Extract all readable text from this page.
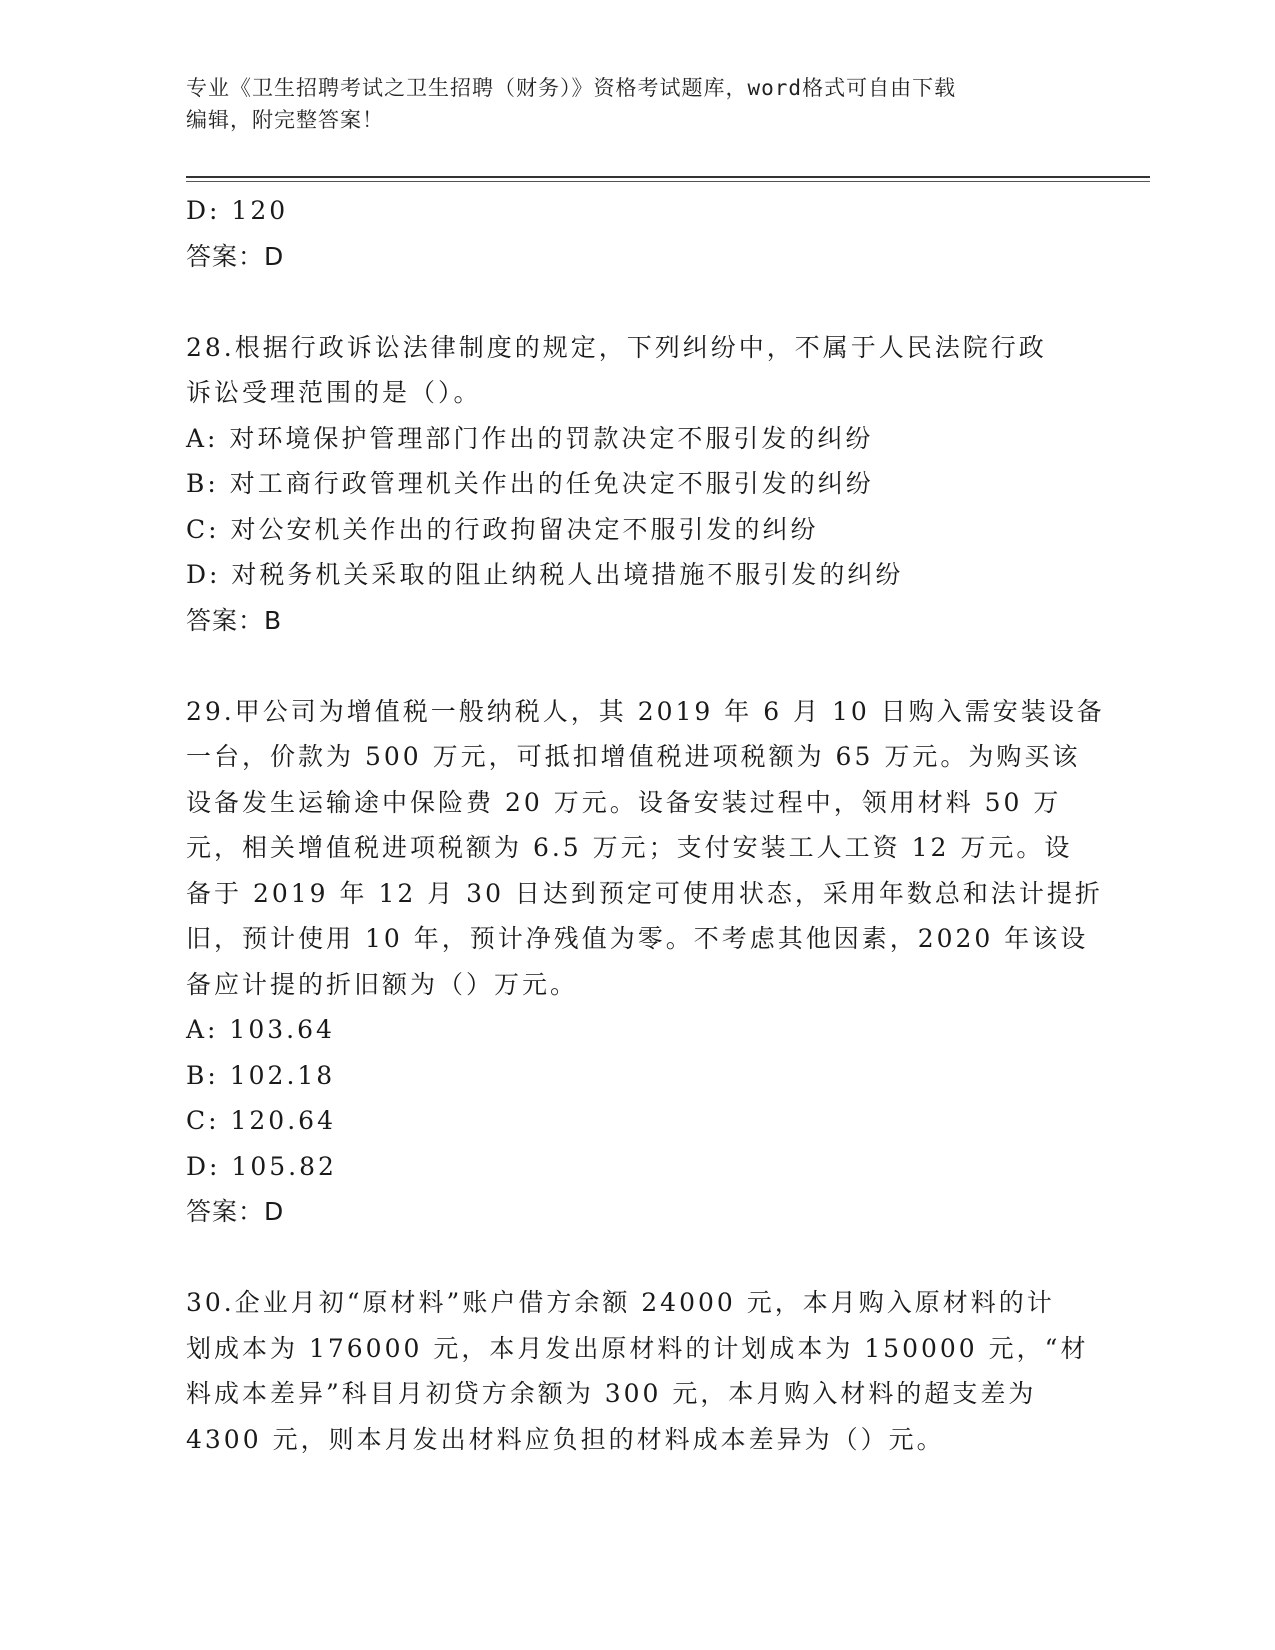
专业《卫生招聘考试之卫生招聘（财务）》资格考试题库，word格式可自由下载
编辑，附完整答案！
D: 120
答案：D
28.根据行政诉讼法律制度的规定，下列纠纷中，不属于人民法院行政
诉讼受理范围的是（）。
A: 对环境保护管理部门作出的罚款决定不服引发的纠纷
B: 对工商行政管理机关作出的任免决定不服引发的纠纷
C: 对公安机关作出的行政拘留决定不服引发的纠纷
D: 对税务机关采取的阻止纳税人出境措施不服引发的纠纷
答案：B
29.甲公司为增值税一般纳税人，其 2019 年 6 月 10 日购入需安装设备
一台，价款为 500 万元，可抵扣增值税进项税额为 65 万元。为购买该
设备发生运输途中保险费 20 万元。设备安装过程中，领用材料 50 万
元，相关增值税进项税额为 6.5 万元；支付安装工人工资 12 万元。设
备于 2019 年 12 月 30 日达到预定可使用状态，采用年数总和法计提折
旧，预计使用 10 年，预计净残值为零。不考虑其他因素，2020 年该设
备应计提的折旧额为（）万元。
A: 103.64
B: 102.18
C: 120.64
D: 105.82
答案：D
30.企业月初“原材料”账户借方余额 24000 元，本月购入原材料的计
划成本为 176000 元，本月发出原材料的计划成本为 150000 元，“材
料成本差异”科目月初贷方余额为 300 元，本月购入材料的超支差为
4300 元，则本月发出材料应负担的材料成本差异为（）元。
